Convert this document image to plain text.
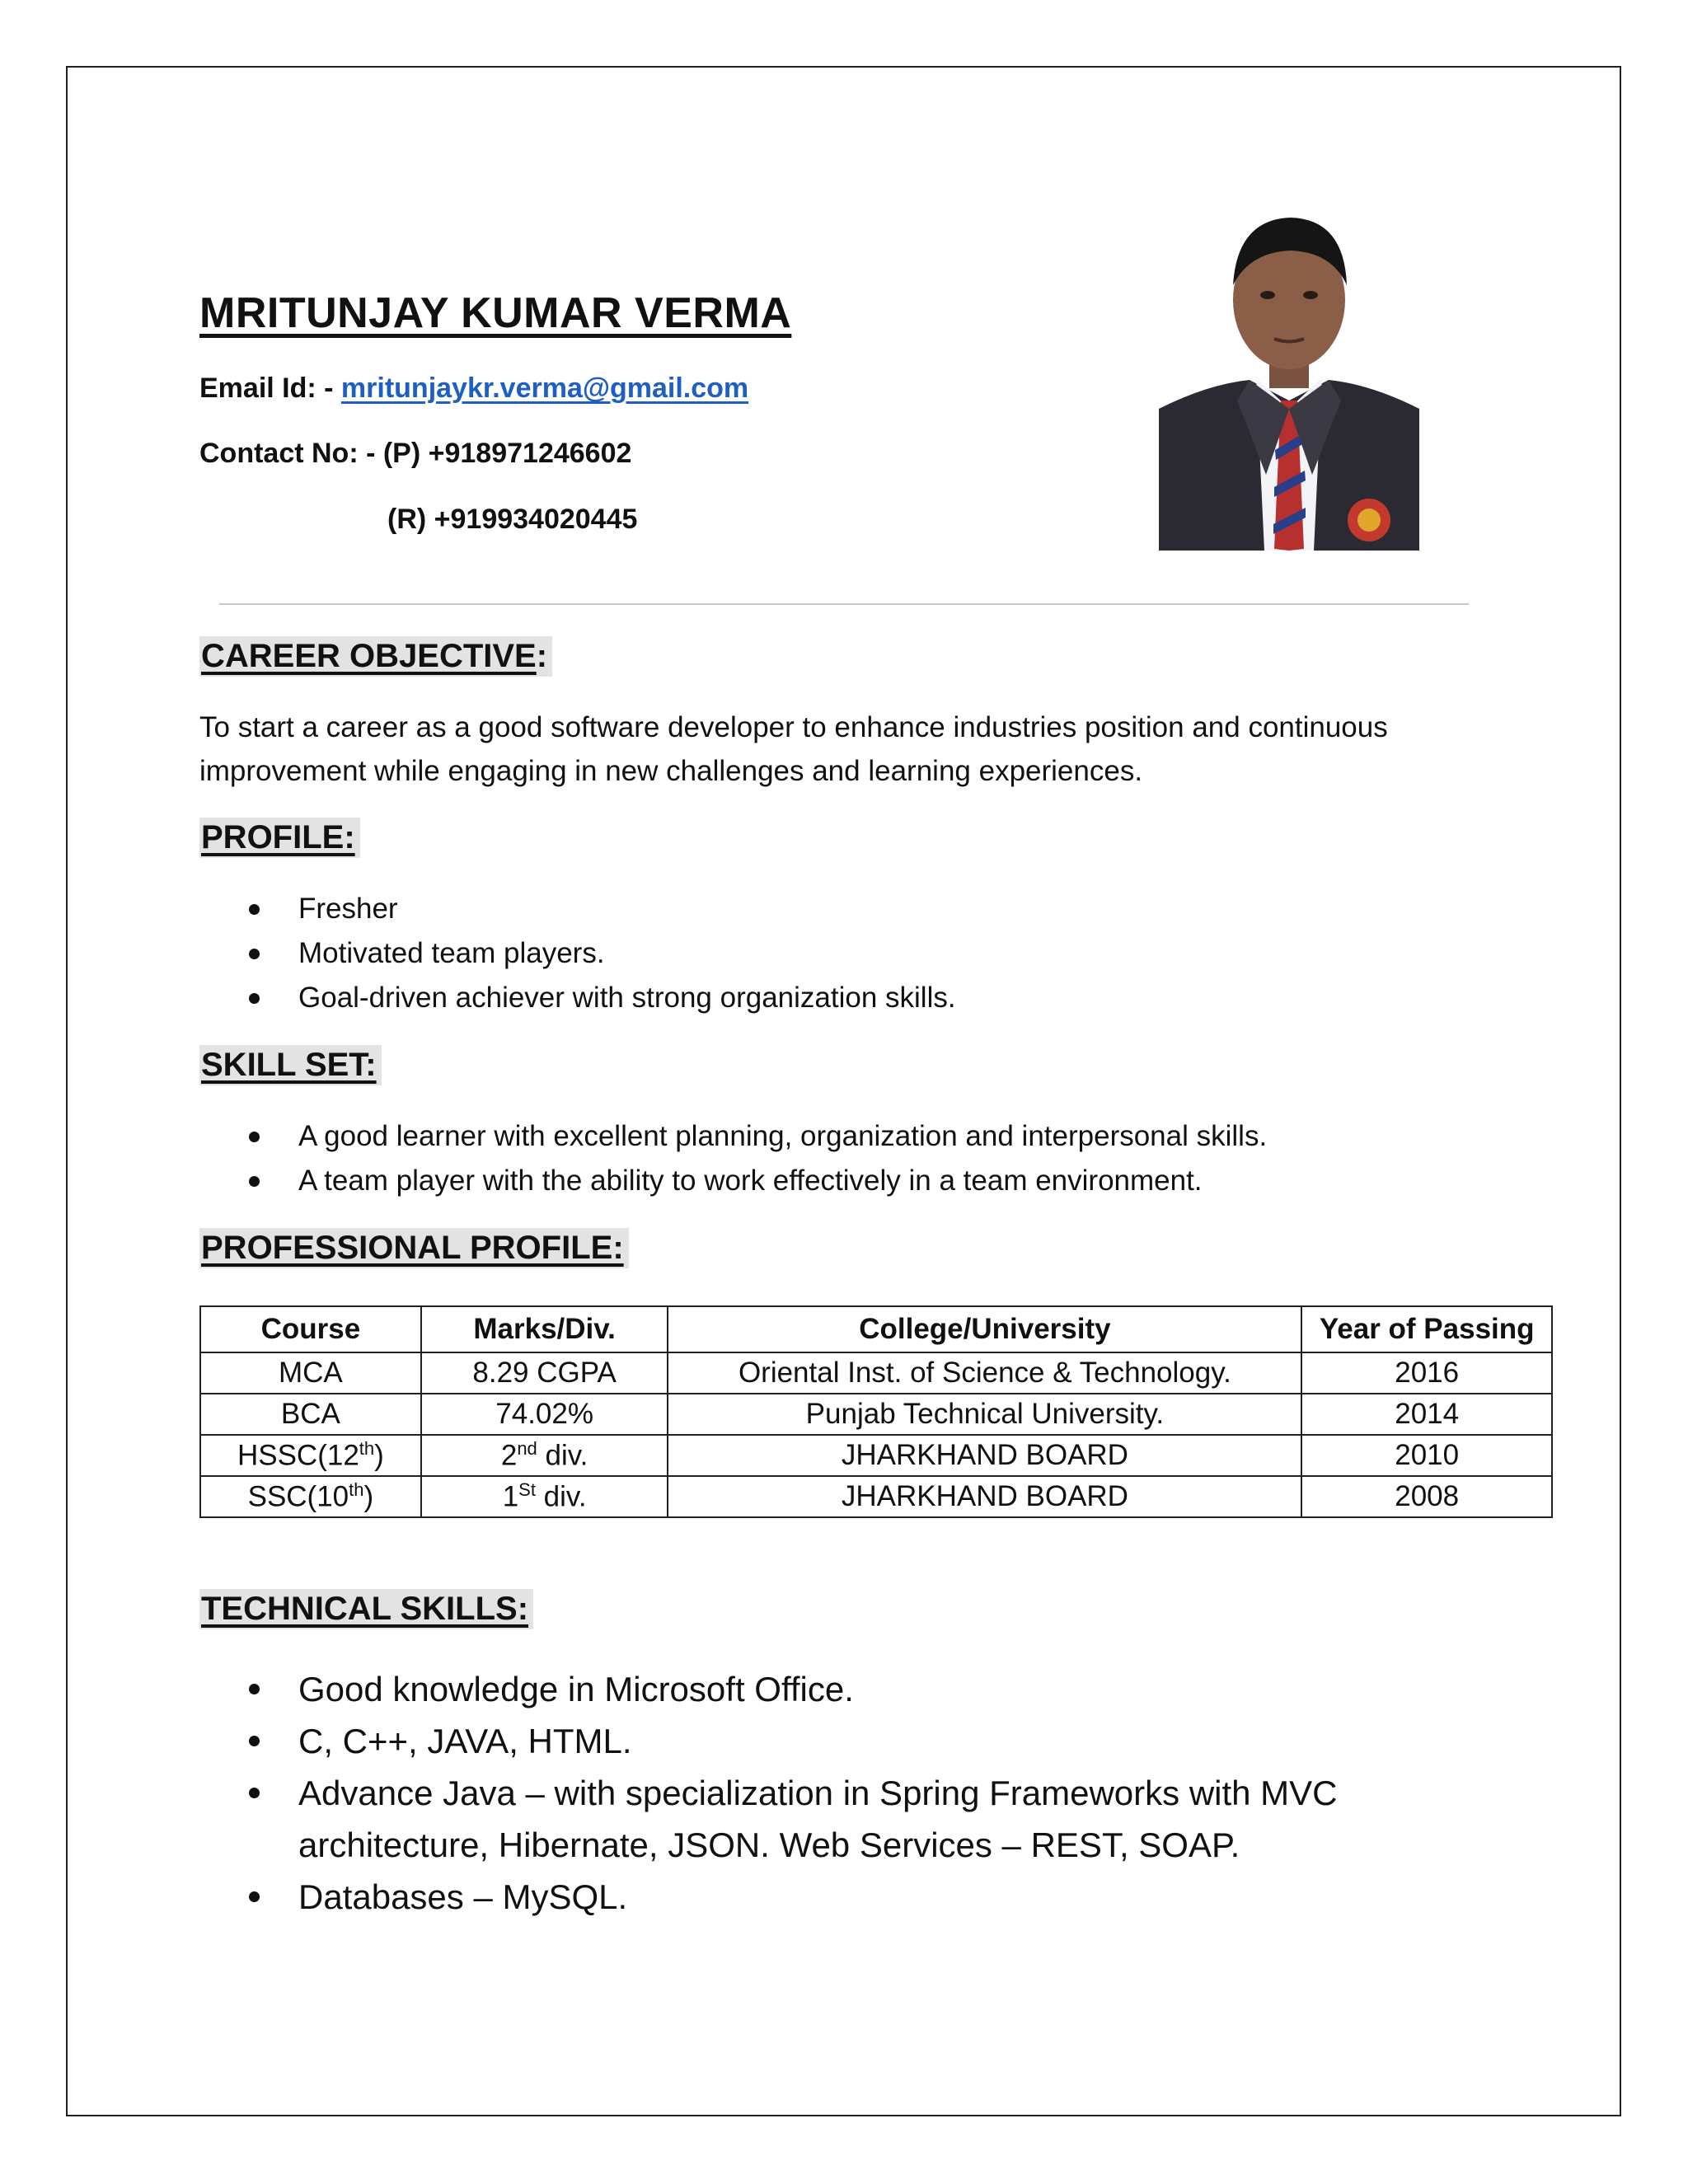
MRITUNJAY KUMAR VERMA
Email Id: - mritunjaykr.verma@gmail.com
Contact No: - (P) +918971246602
(R) +919934020445
CAREER OBJECTIVE:
To start a career as a good software developer to enhance industries position and continuous improvement while engaging in new challenges and learning experiences.
PROFILE:
Fresher
Motivated team players.
Goal-driven achiever with strong organization skills.
SKILL SET:
A good learner with excellent planning, organization and interpersonal skills.
A team player with the ability to work effectively in a team environment.
PROFESSIONAL PROFILE:
Course	Marks/Div.	College/University	Year of Passing
MCA	8.29 CGPA	Oriental Inst. of Science & Technology.	2016
BCA	74.02%	Punjab Technical University.	2014
HSSC(12th)	2nd div.	JHARKHAND BOARD	2010
SSC(10th)	1St div.	JHARKHAND BOARD	2008
TECHNICAL SKILLS:
Good knowledge in Microsoft Office.
C, C++, JAVA, HTML.
Advance Java – with specialization in Spring Frameworks with MVC architecture, Hibernate, JSON. Web Services – REST, SOAP.
Databases – MySQL.
